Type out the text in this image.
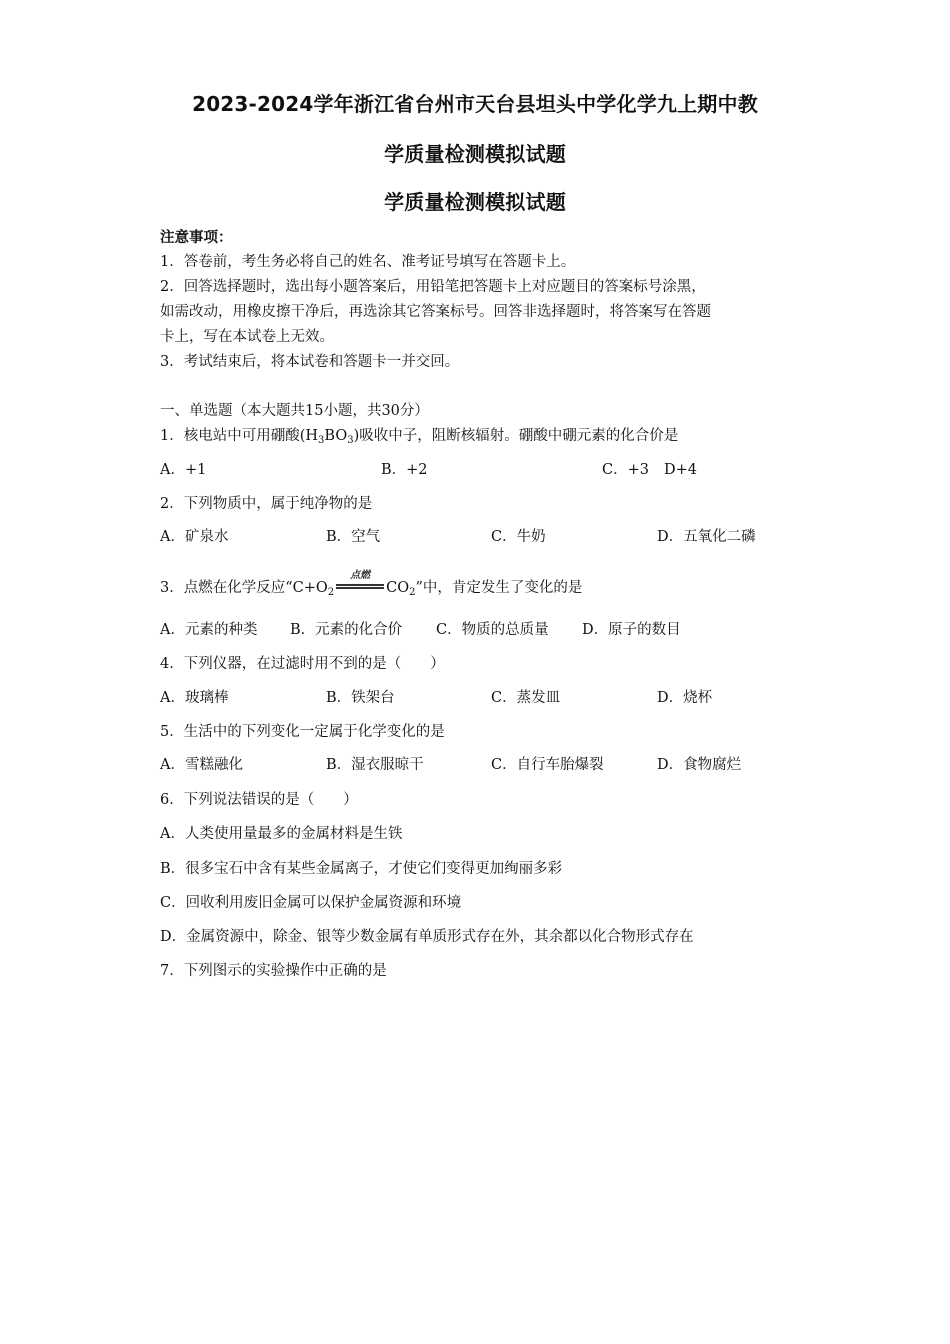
2023-2024学年浙江省台州市天台县坦头中学化学九上期中教
学质量检测模拟试题
学质量检测模拟试题
注意事项：
1．答卷前，考生务必将自己的姓名、准考证号填写在答题卡上。
2．回答选择题时，选出每小题答案后，用铅笔把答题卡上对应题目的答案标号涂黑，
如需改动，用橡皮擦干净后，再选涂其它答案标号。回答非选择题时，将答案写在答题
卡上，写在本试卷上无效。
3．考试结束后，将本试卷和答题卡一并交回。
一、单选题（本大题共15小题，共30分）
1．核电站中可用硼酸$(H_3BO_3)$吸收中子，阻断核辐射。硼酸中硼元素的化合价是
A．+1	B．+2	C．+3 D+4
2．下列物质中，属于纯净物的是
A．矿泉水	B．空气	C．牛奶	D．五氧化二磷
3．点燃在化学反应“$C+O_2$
点燃
$CO_2$”中，肯定发生了变化的是
A．元素的种类 B．元素的化合价 C．物质的总质量 D．原子的数目
4．下列仪器，在过滤时用不到的是（　　）
A．玻璃棒	B．铁架台	C．蒸发皿	D．烧杯
5．生活中的下列变化一定属于化学变化的是
A．雪糕融化	B．湿衣服晾干	C．自行车胎爆裂	D．食物腐烂
6．下列说法错误的是（　　）
A．人类使用量最多的金属材料是生铁
B．很多宝石中含有某些金属离子，才使它们变得更加绚丽多彩
C．回收利用废旧金属可以保护金属资源和环境
D．金属资源中，除金、银等少数金属有单质形式存在外，其余都以化合物形式存在
7．下列图示的实验操作中正确的是
